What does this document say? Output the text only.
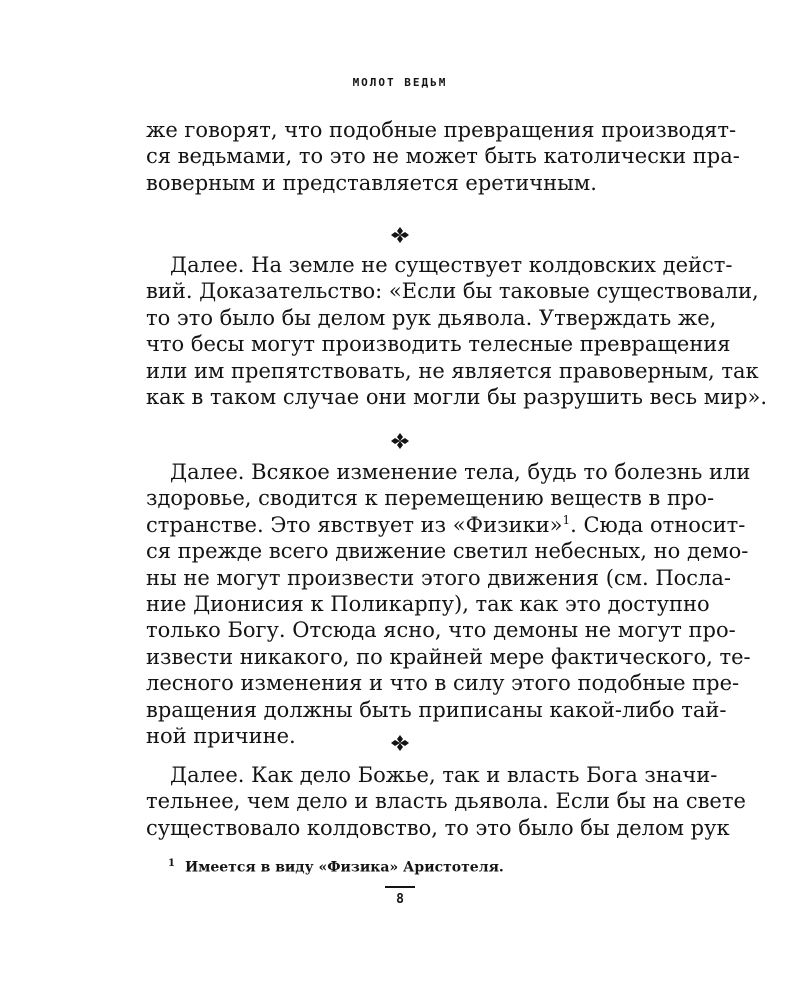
МОЛОТ ВЕДЬМ
же говорят, что подобные превращения производят-
ся ведьмами, то это не может быть католически пра-
воверным и представляется еретичным.
Далее. На земле не существует колдовских дейст-
вий. Доказательство: «Если бы таковые существовали,
то это было бы делом рук дьявола. Утверждать же,
что бесы могут производить телесные превращения
или им препятствовать, не является правоверным, так
как в таком случае они могли бы разрушить весь мир».
Далее. Всякое изменение тела, будь то болезнь или
здоровье, сводится к перемещению веществ в про-
странстве. Это явствует из «Физики»$^1$. Сюда относит-
ся прежде всего движение светил небесных, но демо-
ны не могут произвести этого движения (см. Посла-
ние Дионисия к Поликарпу), так как это доступно
только Богу. Отсюда ясно, что демоны не могут про-
извести никакого, по крайней мере фактического, те-
лесного изменения и что в силу этого подобные пре-
вращения должны быть приписаны какой-либо тай-
ной причине.
Далее. Как дело Божье, так и власть Бога значи-
тельнее, чем дело и власть дьявола. Если бы на свете
существовало колдовство, то это было бы делом рук
$^1$ Имеется в виду «Физика» Аристотеля.
8
